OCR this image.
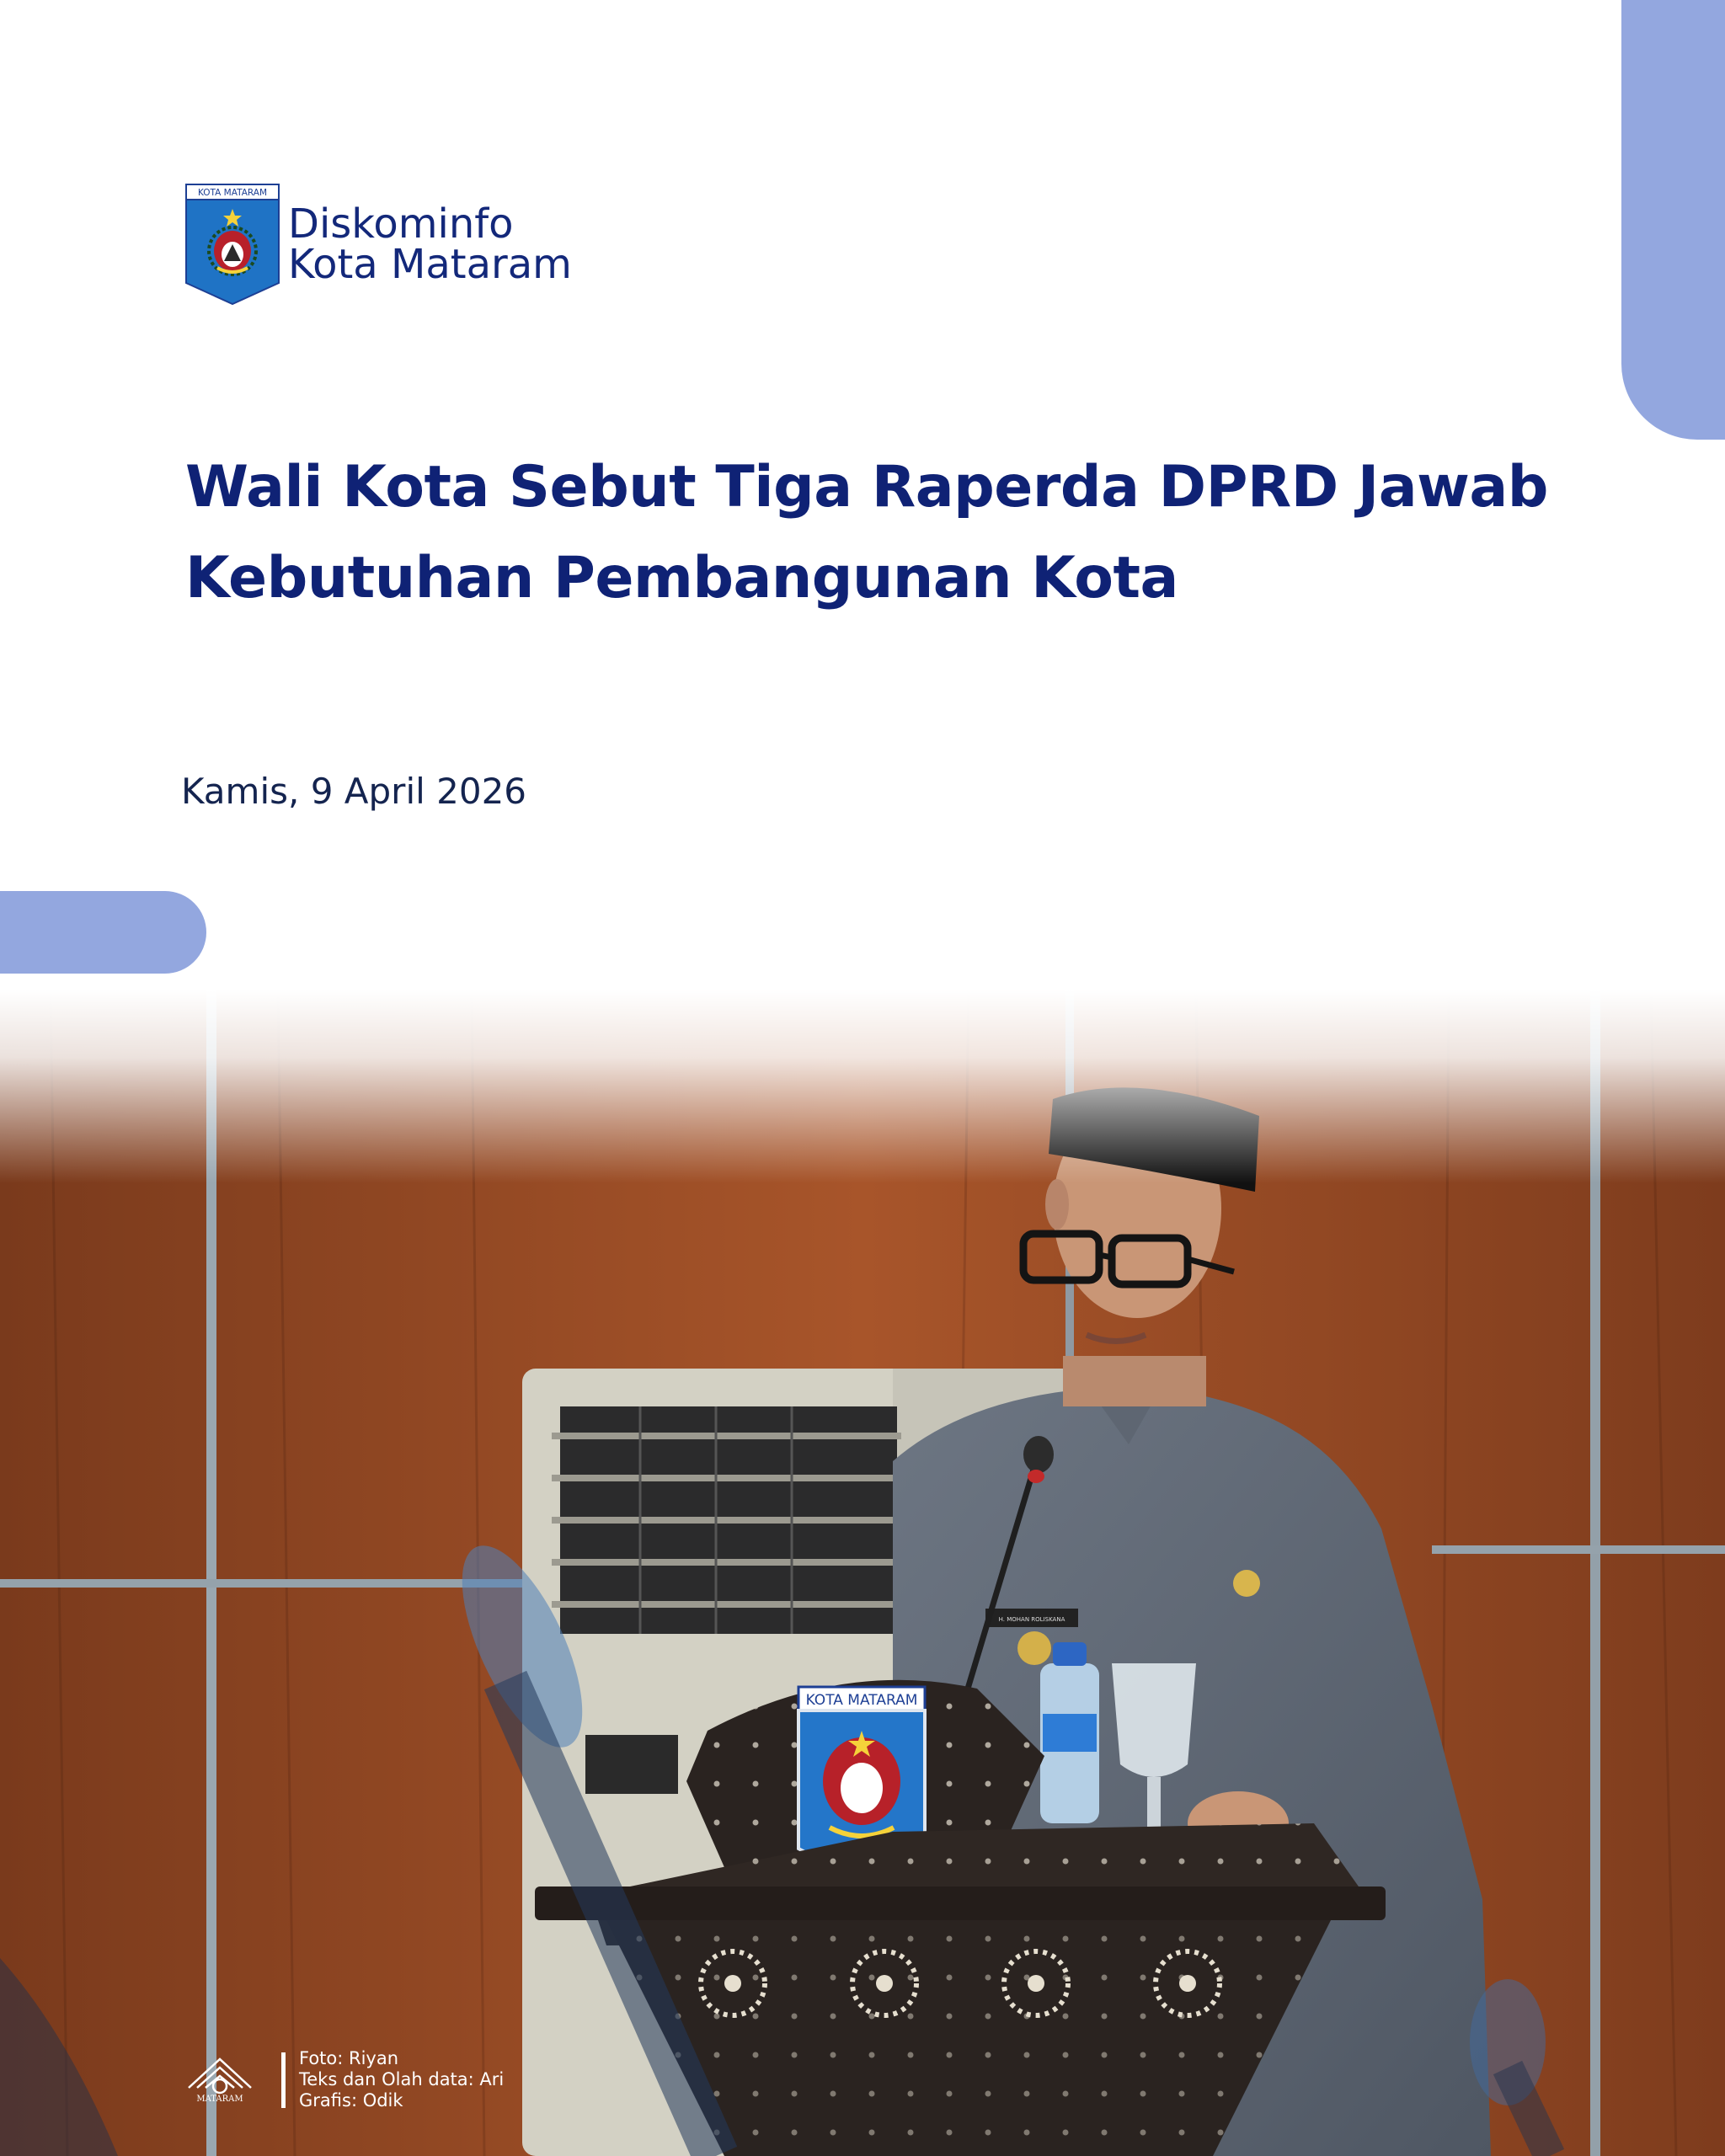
KOTA MATARAM
Diskominfo
Kota Mataram
Wali Kota Sebut Tiga Raperda DPRD Jawab Kebutuhan Pembangunan Kota
Kamis, 9 April 2026
H. MOHAN ROLISKANA
KOTA MATARAM
MATARAM
Foto: Riyan
Teks dan Olah data: Ari
Grafis: Odik
